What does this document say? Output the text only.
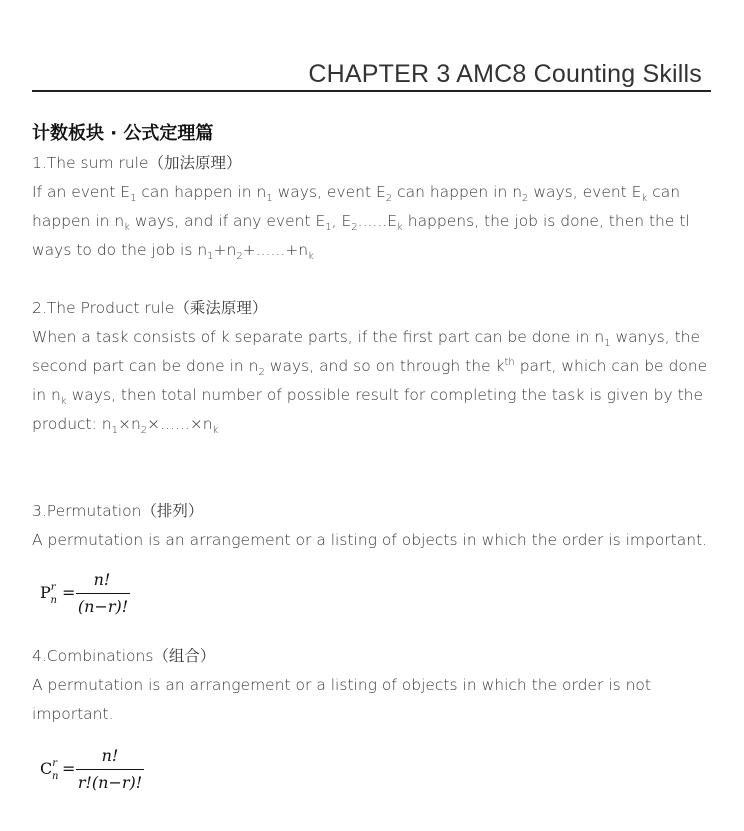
CHAPTER 3 AMC8 Counting Skills
计数板块 · 公式定理篇
1.The sum rule（加法原理）
If an event $E_1$ can happen in $n_1$ ways, event $E_2$ can happen in $n_2$ ways, event $E_k$ can
happen in $n_k$ ways, and if any event $E_1$, $E_2......E_k$ happens, the job is done, then the tl
ways to do the job is $n_1+n_2+......+n_k$
2.The Product rule（乘法原理）
When a task consists of k separate parts, if the first part can be done in $n_1$ wanys, the
second part can be done in $n_2$ ways, and so on through the $k^{th}$ part, which can be done
in $n_k$ ways, then total number of possible result for completing the task is given by the
product: $n_1\times n_2\times......\times n_k$
3.Permutation（排列）
A permutation is an arrangement or a listing of objects in which the order is important.
$P^r_n$ =
n!
(n−r)!
4.Combinations（组合）
A permutation is an arrangement or a listing of objects in which the order is not
important.
$C^r_n$ =
n!
r!(n−r)!
